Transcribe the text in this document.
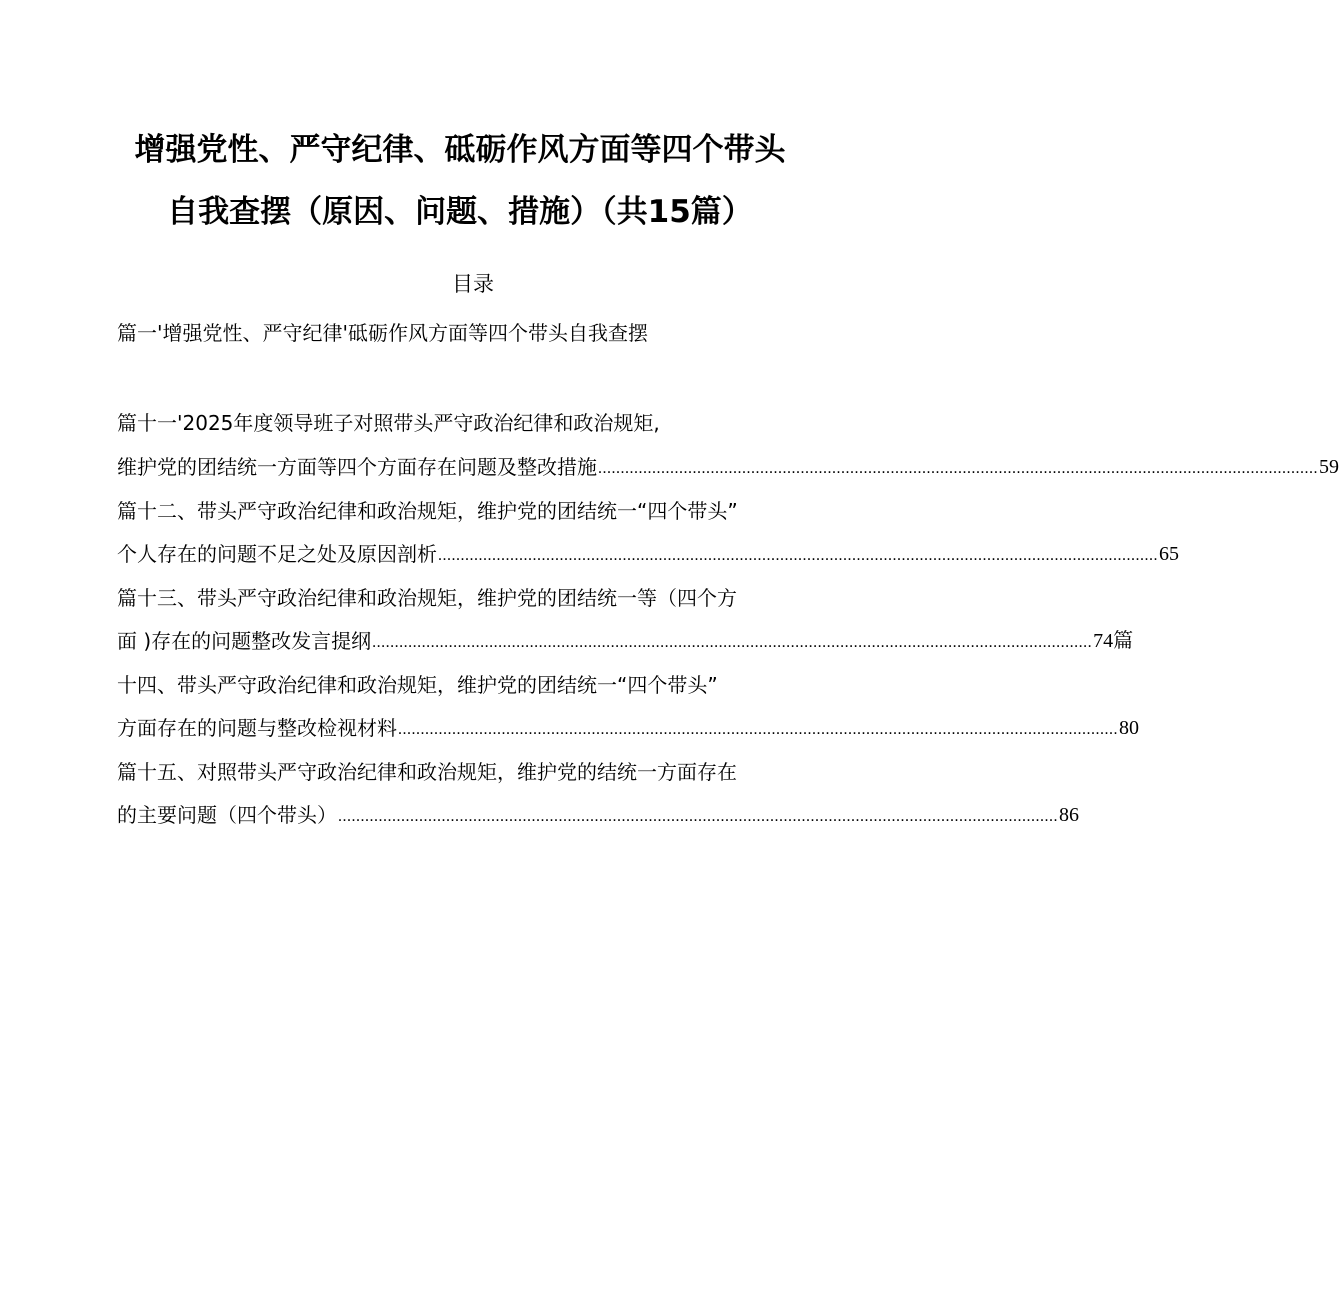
增强党性、严守纪律、砥砺作风方面等四个带头
自我查摆（原因、问题、措施）（共15篇）
目录
篇一'增强党性、严守纪律'砥砺作风方面等四个带头自我查摆
篇十一'2025年度领导班子对照带头严守政治纪律和政治规矩,
维护党的团结统一方面等四个方面存在问题及整改措施 ................................................................................................................................................................ 59
篇十二、带头严守政治纪律和政治规矩，维护党的团结统一“四个带头”
个人存在的问题不足之处及原因剖析 ................................................................................................................................................................ 65
篇十三、带头严守政治纪律和政治规矩，维护党的团结统一等（四个方
面 )存在的问题整改发言提纲 ................................................................................................................................................................ 74篇
十四、带头严守政治纪律和政治规矩，维护党的团结统一“四个带头”
方面存在的问题与整改检视材料 ................................................................................................................................................................ 80
篇十五、对照带头严守政治纪律和政治规矩，维护党的结统一方面存在
的主要问题（四个带头） ................................................................................................................................................................ 86
